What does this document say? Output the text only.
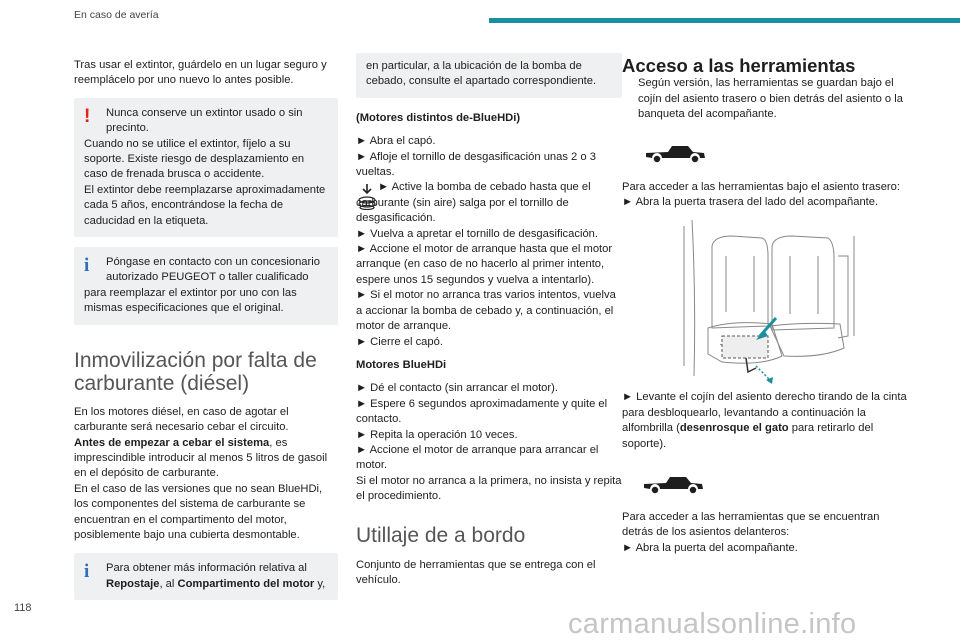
En caso de avería

Tras usar el extintor, guárdelo en un lugar seguro y reemplácelo por uno nuevo lo antes posible.

!	Nunca conserve un extintor usado o sin precinto.

Cuando no se utilice el extintor, fíjelo a su soporte. Existe riesgo de desplazamiento en caso de frenada brusca o accidente.

El extintor debe reemplazarse aproximadamente cada 5 años, encontrándose la fecha de caducidad en la etiqueta.

i	Póngase en contacto con un concesionario autorizado PEUGEOT o taller cualificado

para reemplazar el extintor por uno con las mismas especificaciones que el original.

Inmovilización por falta de carburante (diésel)

En los motores diésel, en caso de agotar el carburante será necesario cebar el circuito.

Antes de empezar a cebar el sistema, es imprescindible introducir al menos 5 litros de gasoil en el depósito de carburante.

En el caso de las versiones que no sean BlueHDi, los componentes del sistema de carburante se encuentran en el compartimento del motor, posiblemente bajo una cubierta desmontable.

i	Para obtener más información relativa al Repostaje, al Compartimento del motor y,

en particular, a la ubicación de la bomba de cebado, consulte el apartado correspondiente.

(Motores distintos de-BlueHDi)

► Abra el capó.

► Afloje el tornillo de desgasificación unas 2 o 3 vueltas.

► Active la bomba de cebado hasta que el carburante (sin aire) salga por el tornillo de desgasificación.

► Vuelva a apretar el tornillo de desgasificación.

► Accione el motor de arranque hasta que el motor arranque (en caso de no hacerlo al primer intento, espere unos 15 segundos y vuelva a intentarlo).

► Si el motor no arranca tras varios intentos, vuelva a accionar la bomba de cebado y, a continuación, el motor de arranque.

► Cierre el capó.

Motores BlueHDi

► Dé el contacto (sin arrancar el motor).

► Espere 6 segundos aproximadamente y quite el contacto.

► Repita la operación 10 veces.

► Accione el motor de arranque para arrancar el motor.

Si el motor no arranca a la primera, no insista y repita el procedimiento.

Utillaje de a bordo

Conjunto de herramientas que se entrega con el vehículo.

Acceso a las herramientas

Según versión, las herramientas se guardan bajo el cojín del asiento trasero o bien detrás del asiento o la banqueta del acompañante.

Para acceder a las herramientas bajo el asiento trasero:

► Abra la puerta trasera del lado del acompañante.

► Levante el cojín del asiento derecho tirando de la cinta para desbloquearlo, levantando a continuación la alfombrilla (desenrosque el gato para retirarlo del soporte).

Para acceder a las herramientas que se encuentran detrás de los asientos delanteros:

► Abra la puerta del acompañante.

118	carmanualsonline.info
